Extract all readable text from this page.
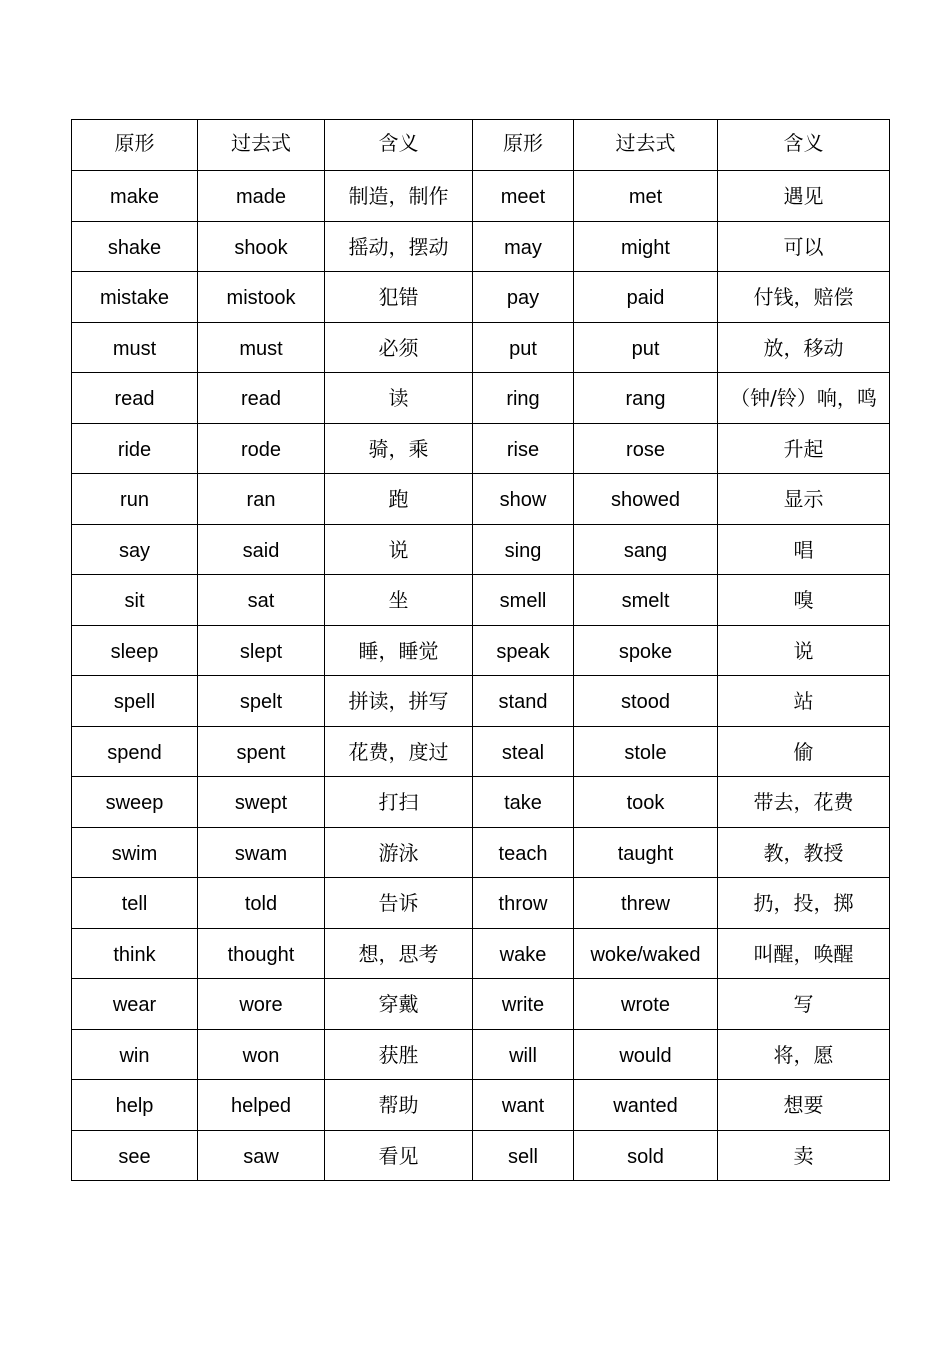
原形	过去式	含义	原形	过去式	含义
make	made	制造，制作	meet	met	遇见
shake	shook	摇动，摆动	may	might	可以
mistake	mistook	犯错	pay	paid	付钱，赔偿
must	must	必须	put	put	放，移动
read	read	读	ring	rang	（钟/铃）响，鸣
ride	rode	骑，乘	rise	rose	升起
run	ran	跑	show	showed	显示
say	said	说	sing	sang	唱
sit	sat	坐	smell	smelt	嗅
sleep	slept	睡，睡觉	speak	spoke	说
spell	spelt	拼读，拼写	stand	stood	站
spend	spent	花费，度过	steal	stole	偷
sweep	swept	打扫	take	took	带去，花费
swim	swam	游泳	teach	taught	教，教授
tell	told	告诉	throw	threw	扔，投，掷
think	thought	想，思考	wake	woke/waked	叫醒，唤醒
wear	wore	穿戴	write	wrote	写
win	won	获胜	will	would	将，愿
help	helped	帮助	want	wanted	想要
see	saw	看见	sell	sold	卖
